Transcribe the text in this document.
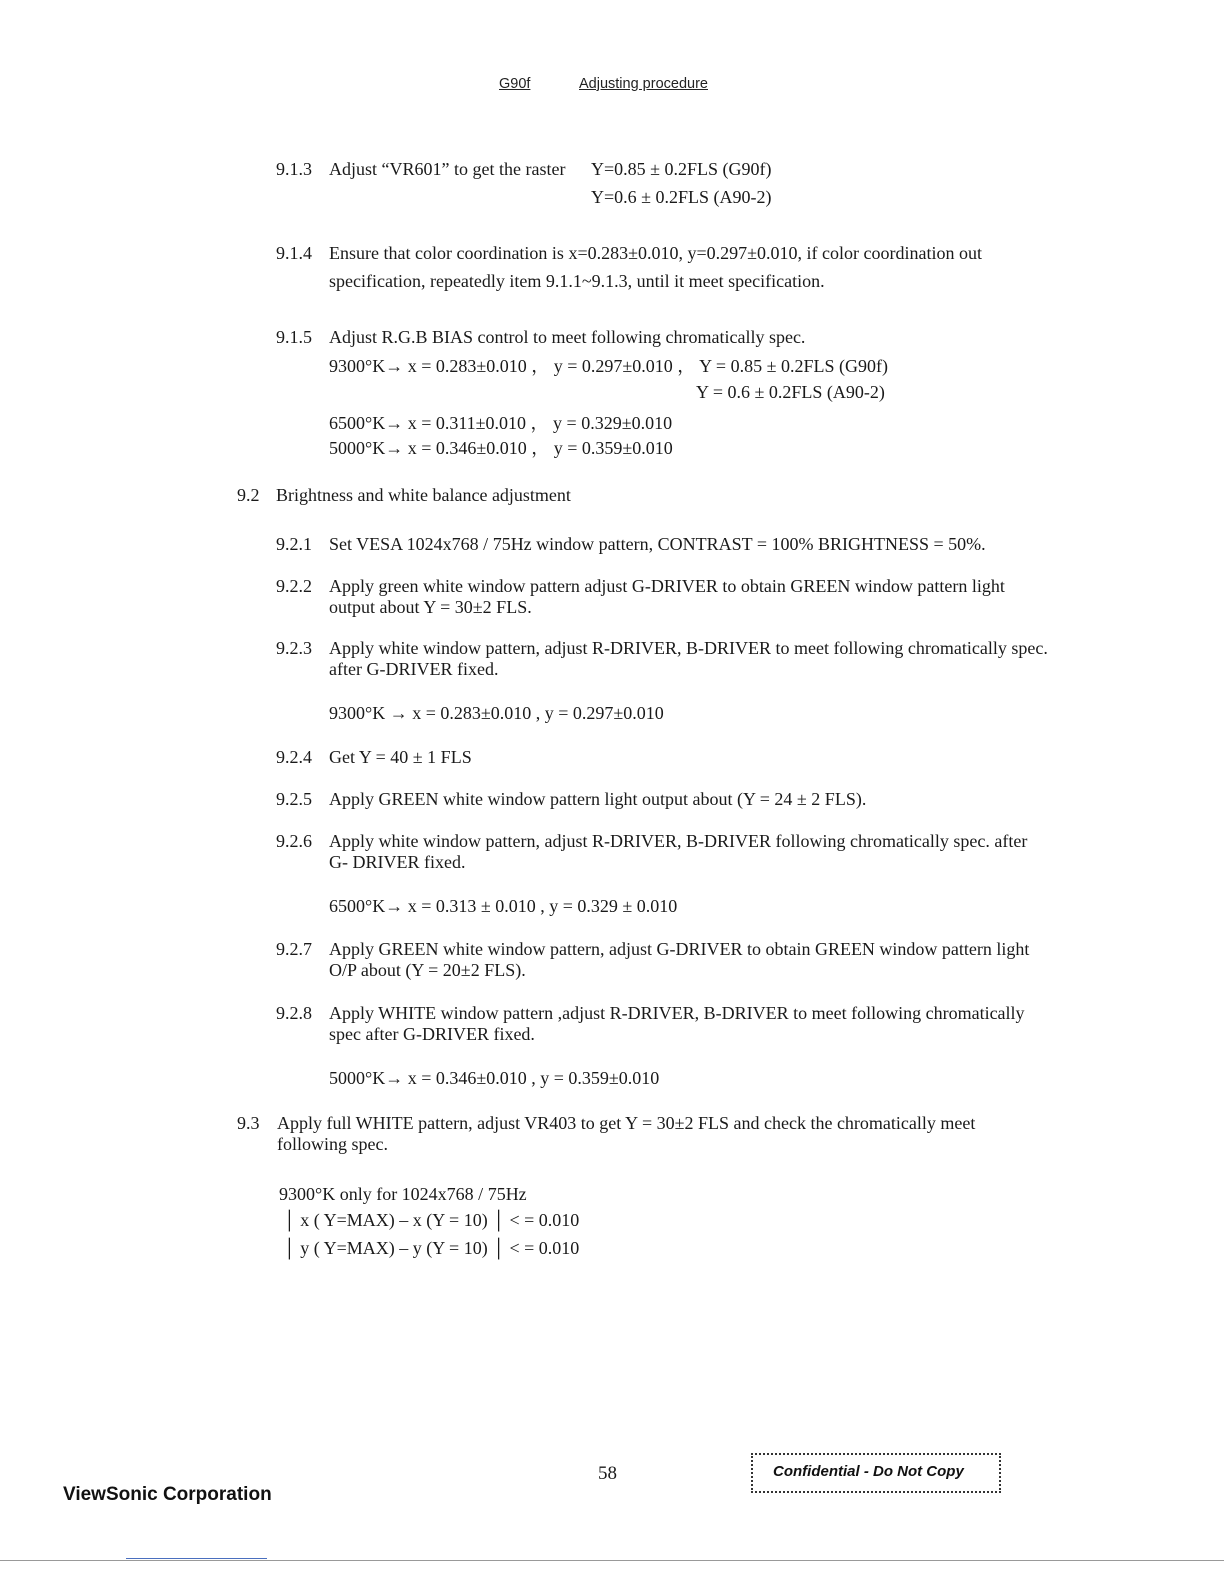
G90f	Adjusting procedure
9.1.3 Adjust “VR601” to get the raster Y=0.85 ± 0.2FLS (G90f)
Y=0.6 ± 0.2FLS (A90-2)
9.1.4 Ensure that color coordination is x=0.283±0.010, y=0.297±0.010, if color coordination out
specification, repeatedly item 9.1.1~9.1.3, until it meet specification.
9.1.5 Adjust R.G.B BIAS control to meet following chromatically spec.
9300°K→ x = 0.283±0.010 ， y = 0.297±0.010 ， Y = 0.85 ± 0.2FLS (G90f)
Y = 0.6 ± 0.2FLS (A90-2)
6500°K→ x = 0.311±0.010 ， y = 0.329±0.010
5000°K→ x = 0.346±0.010 ， y = 0.359±0.010
9.2 Brightness and white balance adjustment
9.2.1 Set VESA 1024x768 / 75Hz window pattern, CONTRAST = 100% BRIGHTNESS = 50%.
9.2.2 Apply green white window pattern adjust G-DRIVER to obtain GREEN window pattern light
output about Y = 30±2 FLS.
9.2.3 Apply white window pattern, adjust R-DRIVER, B-DRIVER to meet following chromatically spec.
after G-DRIVER fixed.
9300°K → x = 0.283±0.010 , y = 0.297±0.010
9.2.4 Get Y = 40 ± 1 FLS
9.2.5 Apply GREEN white window pattern light output about (Y = 24 ± 2 FLS).
9.2.6 Apply white window pattern, adjust R-DRIVER, B-DRIVER following chromatically spec. after
G- DRIVER fixed.
6500°K→ x = 0.313 ± 0.010 , y = 0.329 ± 0.010
9.2.7 Apply GREEN white window pattern, adjust G-DRIVER to obtain GREEN window pattern light
O/P about (Y = 20±2 FLS).
9.2.8 Apply WHITE window pattern ,adjust R-DRIVER, B-DRIVER to meet following chromatically
spec after G-DRIVER fixed.
5000°K→ x = 0.346±0.010 , y = 0.359±0.010
9.3 Apply full WHITE pattern, adjust VR403 to get Y = 30±2 FLS and check the chromatically meet
following spec.
9300°K only for 1024x768 / 75Hz
│ x ( Y=MAX) – x (Y = 10) │ < = 0.010
│ y ( Y=MAX) – y (Y = 10) │ < = 0.010
ViewSonic Corporation
58	Confidential - Do Not Copy
